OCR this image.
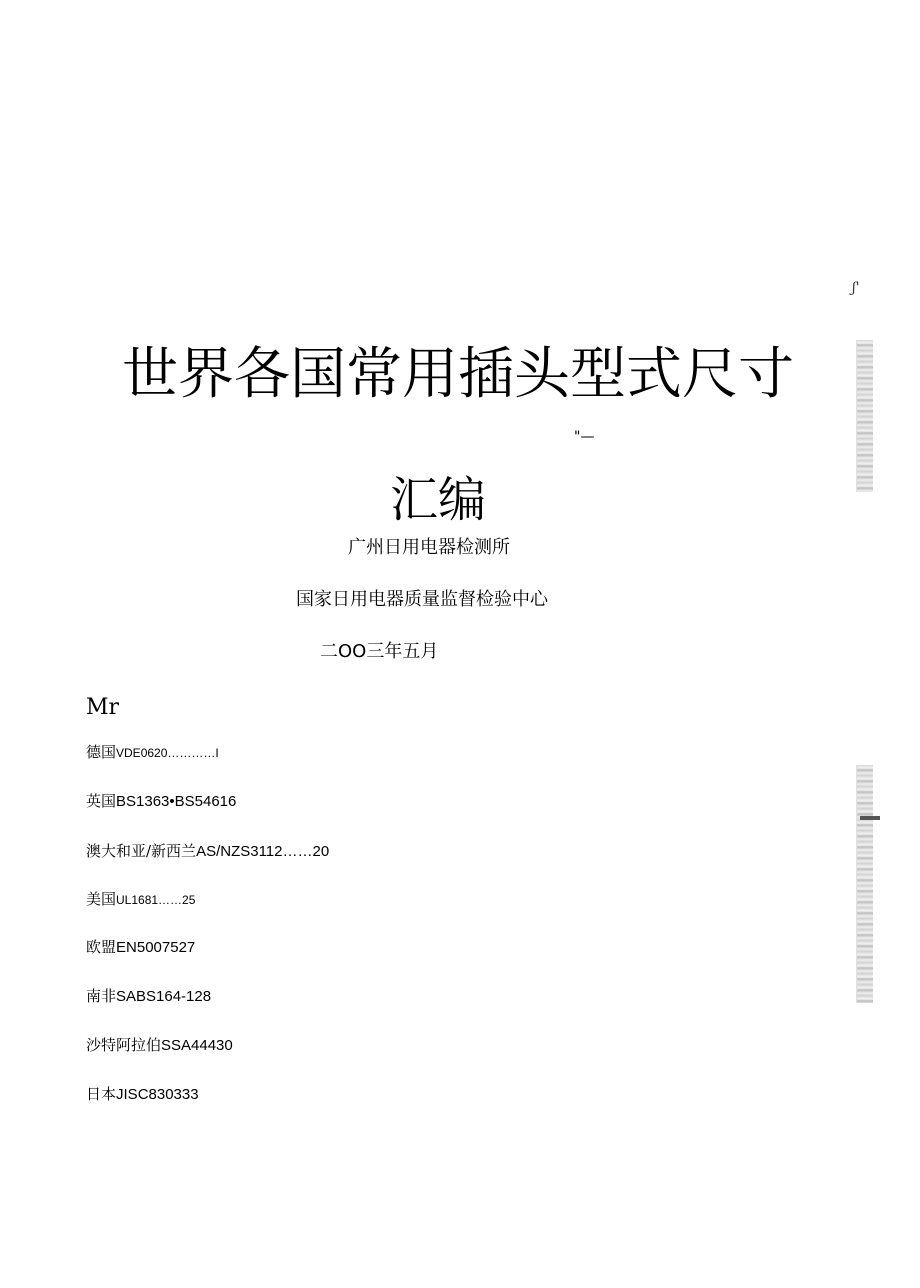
ʃ'
世界各国常用插头型式尺寸
"—
汇编
广州日用电器检测所
国家日用电器质量监督检验中心
二OO三年五月
Mr
德国VDE0620…………I
英国BS1363•BS54616
澳大和亚/新西兰AS/NZS3112……20
美国UL1681……25
欧盟EN5007527
南非SABS164-128
沙特阿拉伯SSA44430
日本JISC830333
